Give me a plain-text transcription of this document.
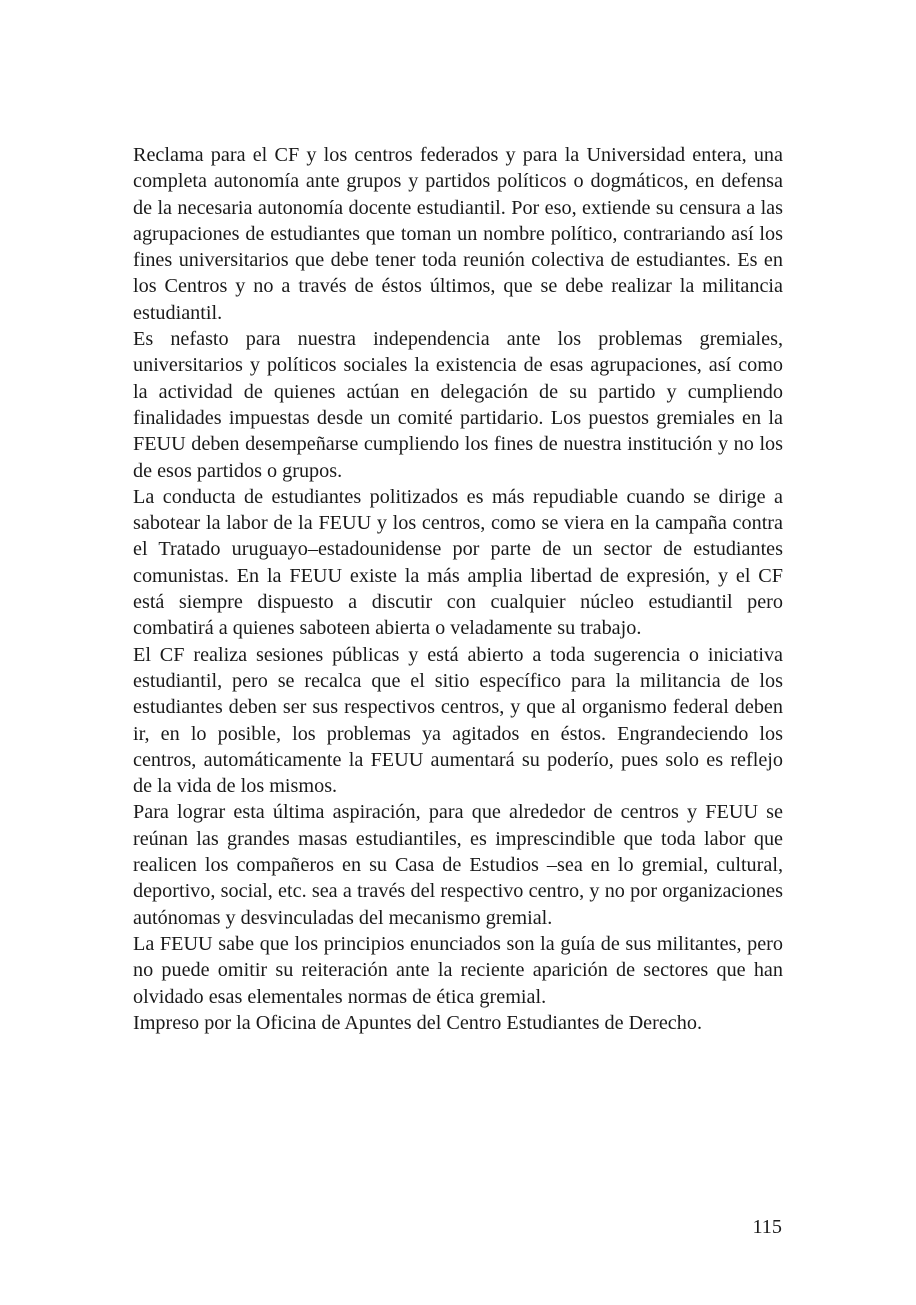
Reclama para el CF y los centros federados y para la Universidad entera, una completa autonomía ante grupos y partidos políticos o dogmáticos, en defensa de la necesaria autonomía docente estudiantil. Por eso, extiende su censura a las agrupaciones de estudiantes que toman un nombre político, contrariando así los fines universitarios que debe tener toda reunión colectiva de estudiantes. Es en los Centros y no a través de éstos últimos, que se debe realizar la militancia estudiantil.

Es nefasto para nuestra independencia ante los problemas gremiales, universitarios y políticos sociales la existencia de esas agrupaciones, así como la actividad de quienes actúan en delegación de su partido y cumpliendo finalidades impuestas desde un comité partidario. Los puestos gremiales en la FEUU deben desempeñarse cumpliendo los fines de nuestra institución y no los de esos partidos o grupos.

La conducta de estudiantes politizados es más repudiable cuando se dirige a sabotear la labor de la FEUU y los centros, como se viera en la campaña contra el Tratado uruguayo–estadounidense por parte de un sector de estudiantes comunistas. En la FEUU existe la más amplia libertad de expresión, y el CF está siempre dispuesto a discutir con cualquier núcleo estudiantil pero combatirá a quienes saboteen abierta o veladamente su trabajo.

El CF realiza sesiones públicas y está abierto a toda sugerencia o iniciativa estudiantil, pero se recalca que el sitio específico para la militancia de los estudiantes deben ser sus respectivos centros, y que al organismo federal deben ir, en lo posible, los problemas ya agitados en éstos. Engrandeciendo los centros, automáticamente la FEUU aumentará su poderío, pues solo es reflejo de la vida de los mismos.

Para lograr esta última aspiración, para que alrededor de centros y FEUU se reúnan las grandes masas estudiantiles, es imprescindible que toda labor que realicen los compañeros en su Casa de Estudios –sea en lo gremial, cultural, deportivo, social, etc. sea a través del respectivo centro, y no por organizaciones autónomas y desvinculadas del mecanismo gremial.

La FEUU sabe que los principios enunciados son la guía de sus militantes, pero no puede omitir su reiteración ante la reciente aparición de sectores que han olvidado esas elementales normas de ética gremial.

Impreso por la Oficina de Apuntes del Centro Estudiantes de Derecho.

115
